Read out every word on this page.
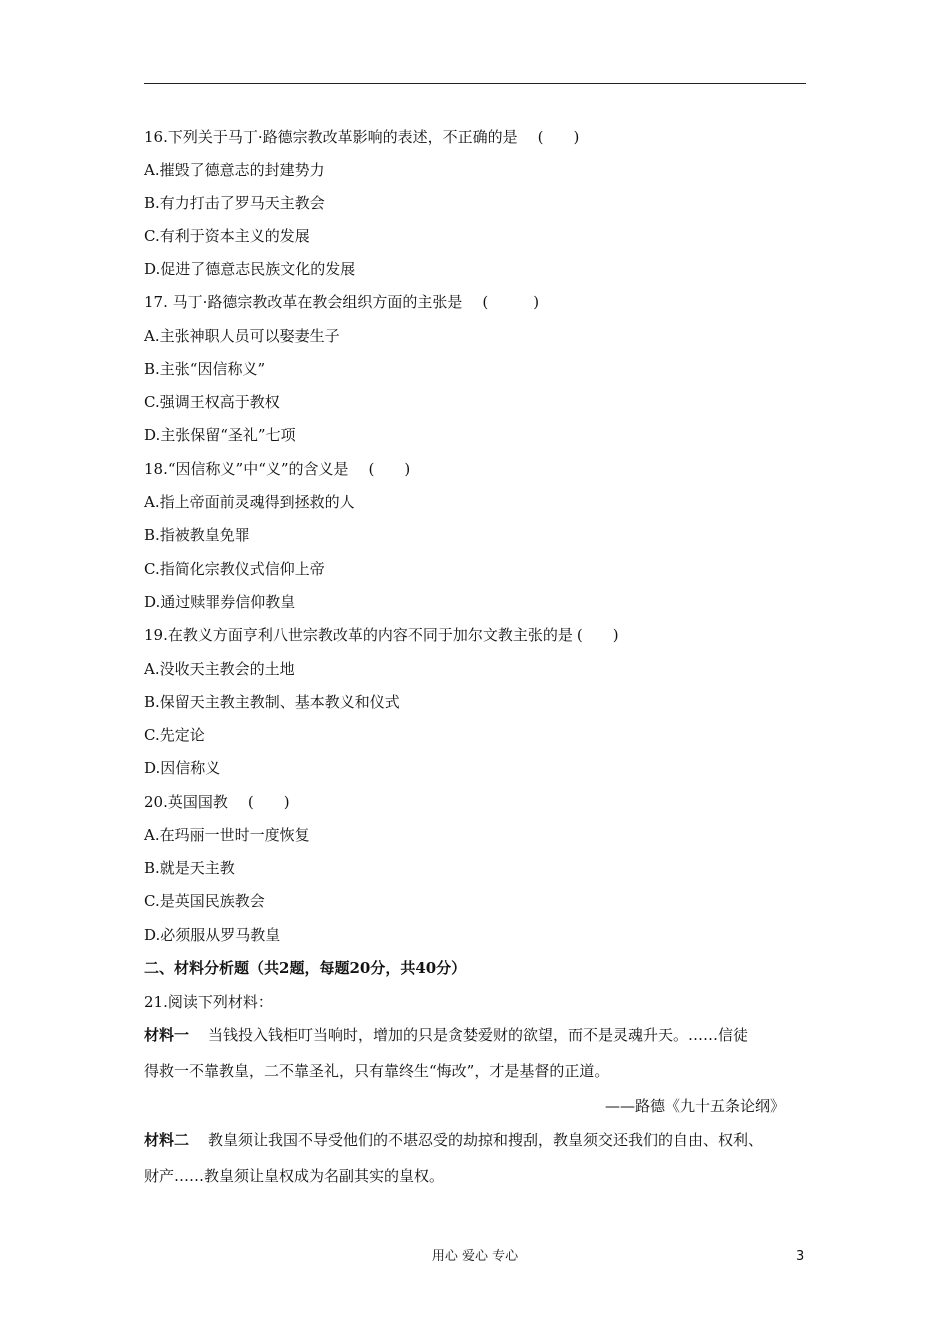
16.下列关于马丁·路德宗教改革影响的表述，不正确的是 (　　)
A.摧毁了德意志的封建势力
B.有力打击了罗马天主教会
C.有利于资本主义的发展
D.促进了德意志民族文化的发展
17. 马丁·路德宗教改革在教会组织方面的主张是 (　　　)
A.主张神职人员可以娶妻生子
B.主张“因信称义”
C.强调王权高于教权
D.主张保留“圣礼”七项
18.“因信称义”中“义”的含义是 (　　)
A.指上帝面前灵魂得到拯救的人
B.指被教皇免罪
C.指简化宗教仪式信仰上帝
D.通过赎罪券信仰教皇
19.在教义方面亨利八世宗教改革的内容不同于加尔文教主张的是 (　　)
A.没收天主教会的土地
B.保留天主教主教制、基本教义和仪式
C.先定论
D.因信称义
20.英国国教 (　　)
A.在玛丽一世时一度恢复
B.就是天主教
C.是英国民族教会
D.必须服从罗马教皇
二、材料分析题（共2题，每题20分，共40分）
21.阅读下列材料：
材料一 当钱投入钱柜叮当响时，增加的只是贪婪爱财的欲望，而不是灵魂升天。……信徒
得救一不靠教皇，二不靠圣礼，只有靠终生“悔改”，才是基督的正道。
——路德《九十五条论纲》
材料二 教皇须让我国不导受他们的不堪忍受的劫掠和搜刮，教皇须交还我们的自由、权利、
财产……教皇须让皇权成为名副其实的皇权。
用心 爱心 专心	3
